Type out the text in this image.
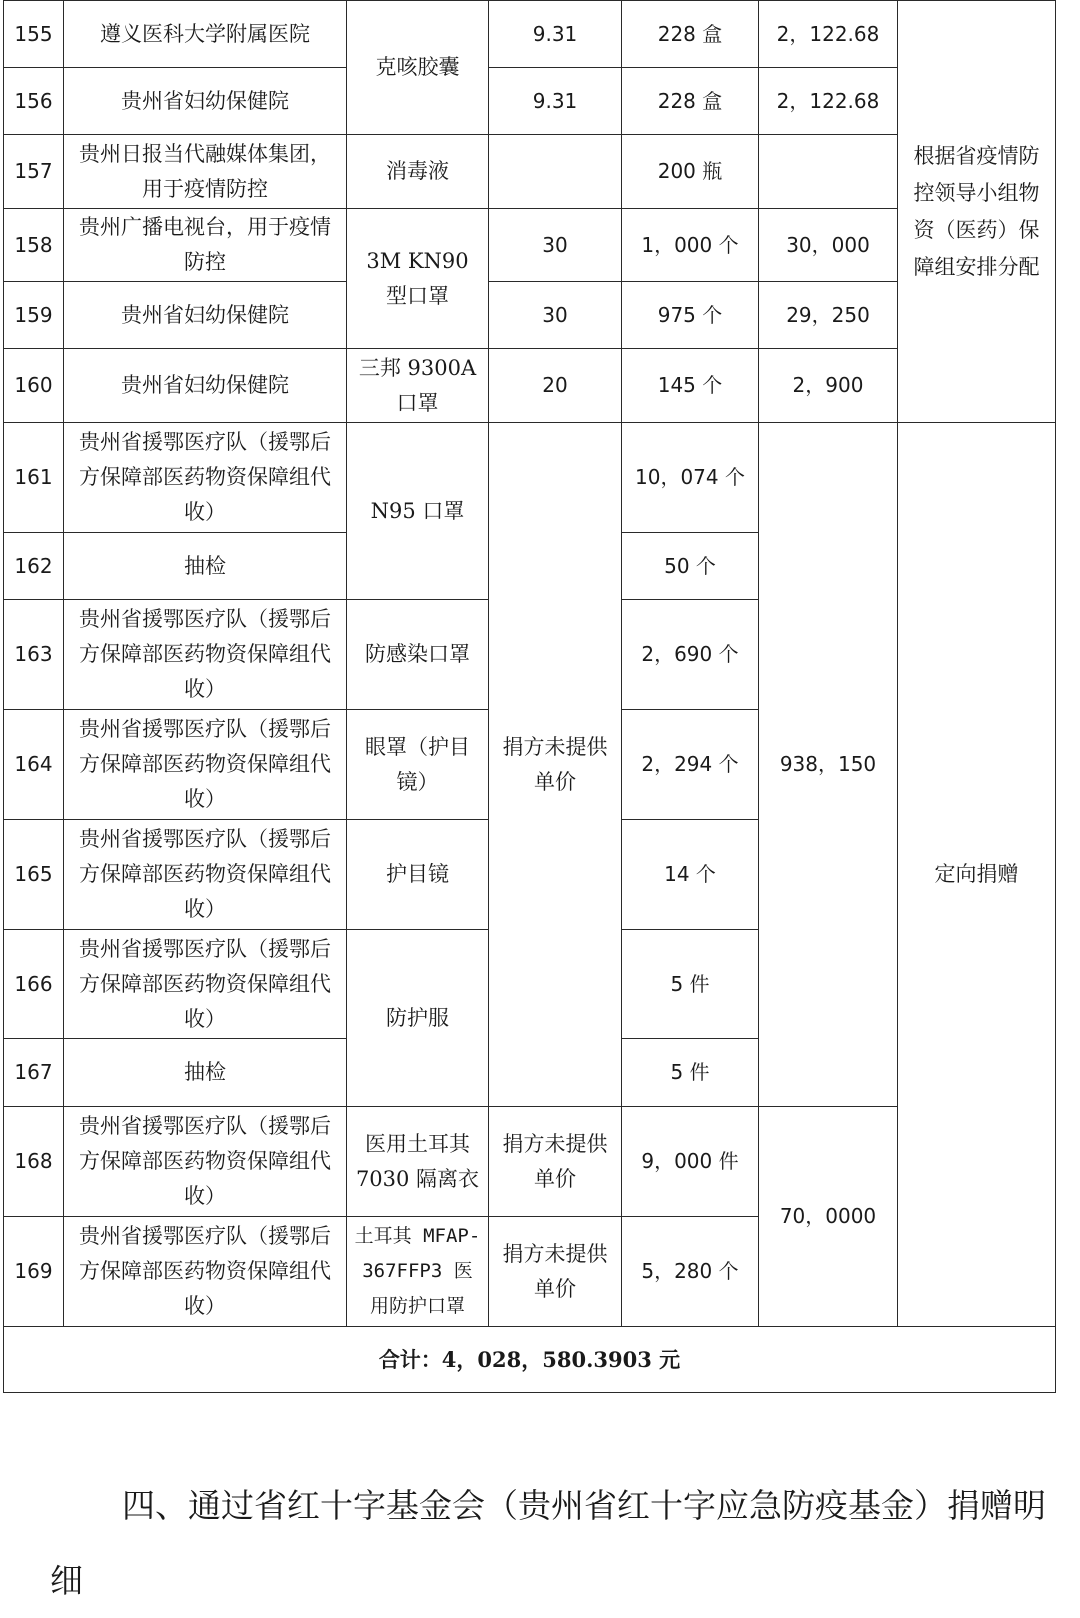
155	遵义医科大学附属医院	克咳胶囊	9.31	228 盒	2，122.68	根据省疫情防控领导小组物资（医药）保障组安排分配
156	贵州省妇幼保健院		9.31	228 盒	2，122.68	
157	贵州日报当代融媒体集团，用于疫情防控	消毒液		200 瓶		
158	贵州广播电视台，用于疫情防控	3M KN90 型口罩	30	1，000 个	30，000	
159	贵州省妇幼保健院		30	975 个	29，250	
160	贵州省妇幼保健院	三邦 9300A 口罩	20	145 个	2，900	
161	贵州省援鄂医疗队（援鄂后方保障部医药物资保障组代收）	N95 口罩	捐方未提供单价	10，074 个	938，150	定向捐赠
162	抽检			50 个		
163	贵州省援鄂医疗队（援鄂后方保障部医药物资保障组代收）	防感染口罩		2，690 个		
164	贵州省援鄂医疗队（援鄂后方保障部医药物资保障组代收）	眼罩（护目镜）		2，294 个		
165	贵州省援鄂医疗队（援鄂后方保障部医药物资保障组代收）	护目镜		14 个		
166	贵州省援鄂医疗队（援鄂后方保障部医药物资保障组代收）	防护服		5 件		
167	抽检			5 件		
168	贵州省援鄂医疗队（援鄂后方保障部医药物资保障组代收）	医用土耳其 7030 隔离衣	捐方未提供单价	9，000 件	70，0000	
169	贵州省援鄂医疗队（援鄂后方保障部医药物资保障组代收）	土耳其 MFAP-367FFP3 医用防护口罩	捐方未提供单价	5，280 个		
合计：4，028，580.3903 元						
四、通过省红十字基金会（贵州省红十字应急防疫基金）捐赠明细
